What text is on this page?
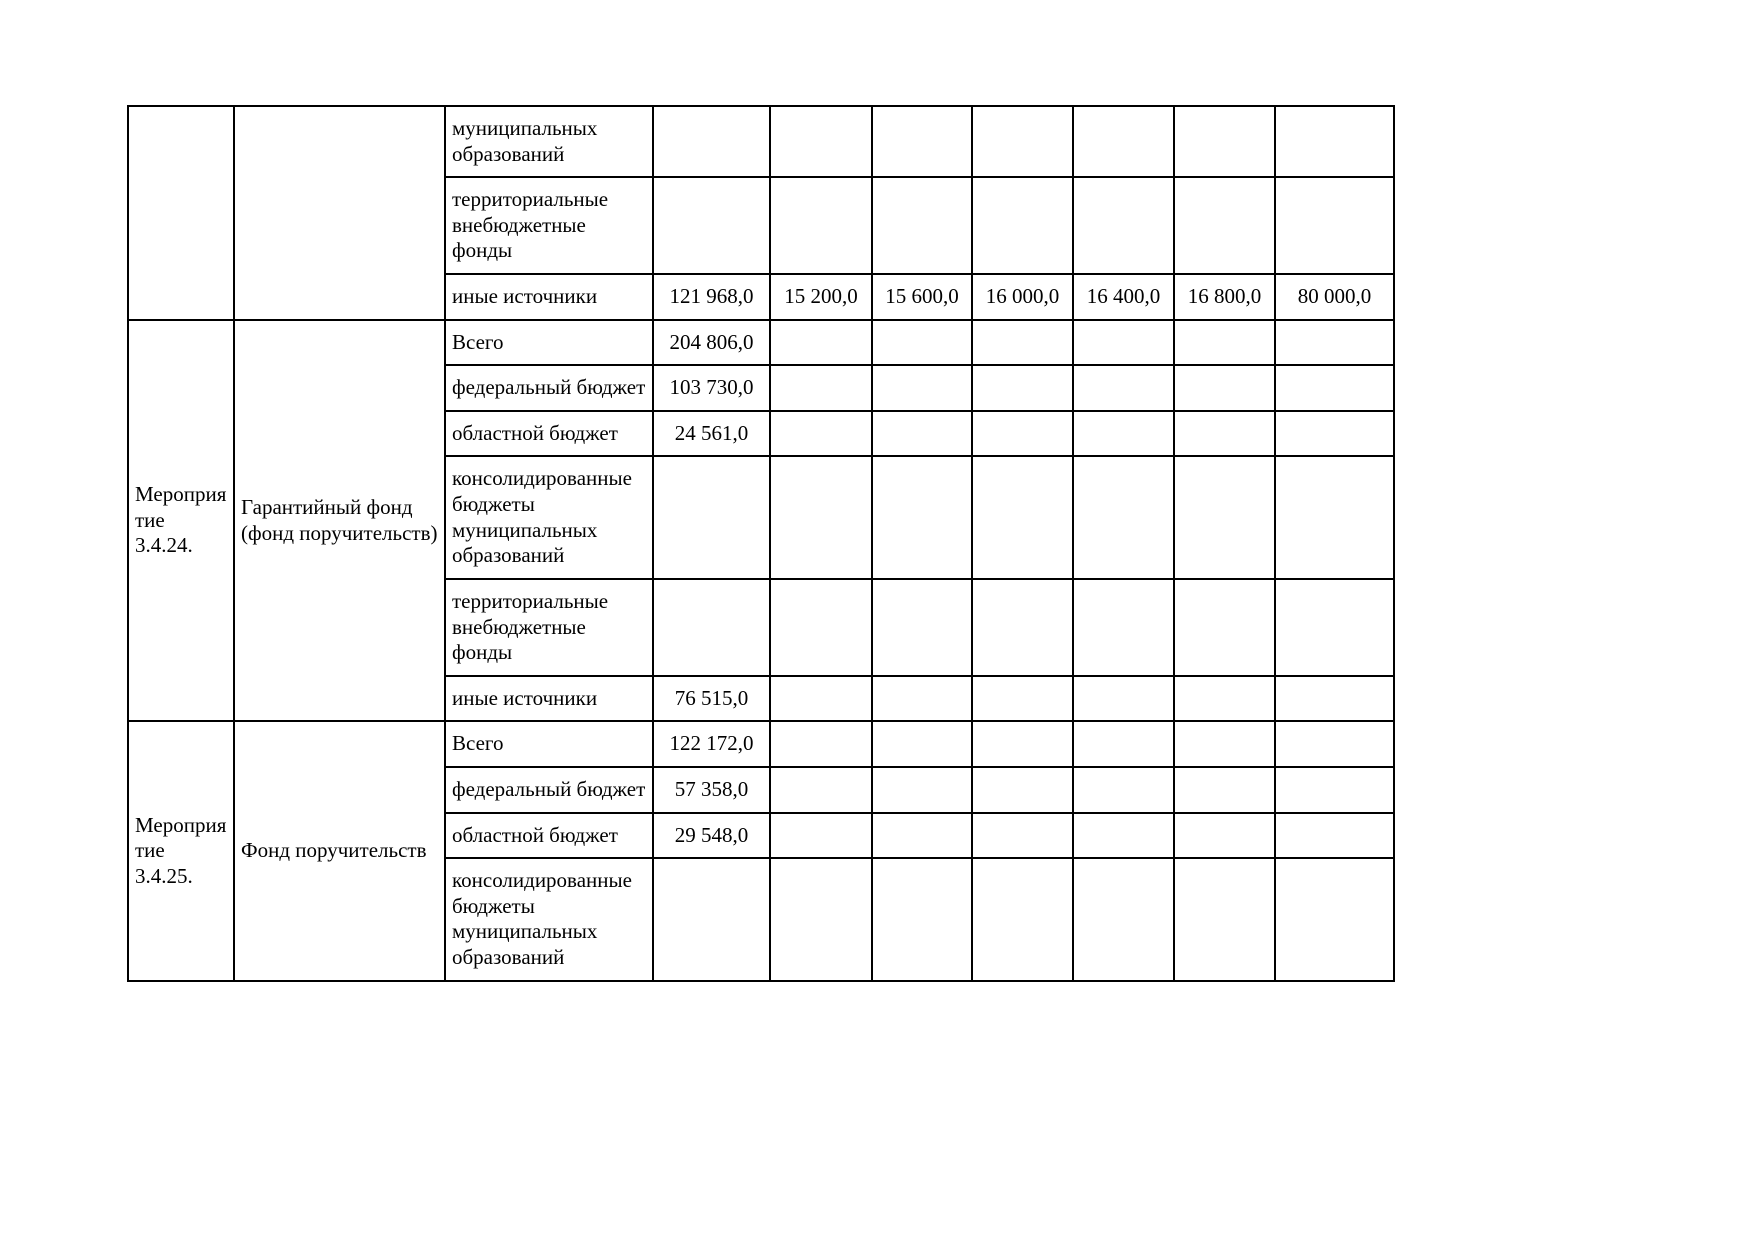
		муниципальных образований							
		территориальные внебюджетные фонды							
		иные источники	121 968,0	15 200,0	15 600,0	16 000,0	16 400,0	16 800,0	80 000,0
Мероприятие 3.4.24.	Гарантийный фонд (фонд поручительств)	Всего	204 806,0						
		федеральный бюджет	103 730,0						
		областной бюджет	24 561,0						
		консолидированные бюджеты муниципальных образований							
		территориальные внебюджетные фонды							
		иные источники	76 515,0						
Мероприятие 3.4.25.	Фонд поручительств	Всего	122 172,0						
		федеральный бюджет	57 358,0						
		областной бюджет	29 548,0						
		консолидированные бюджеты муниципальных образований							
